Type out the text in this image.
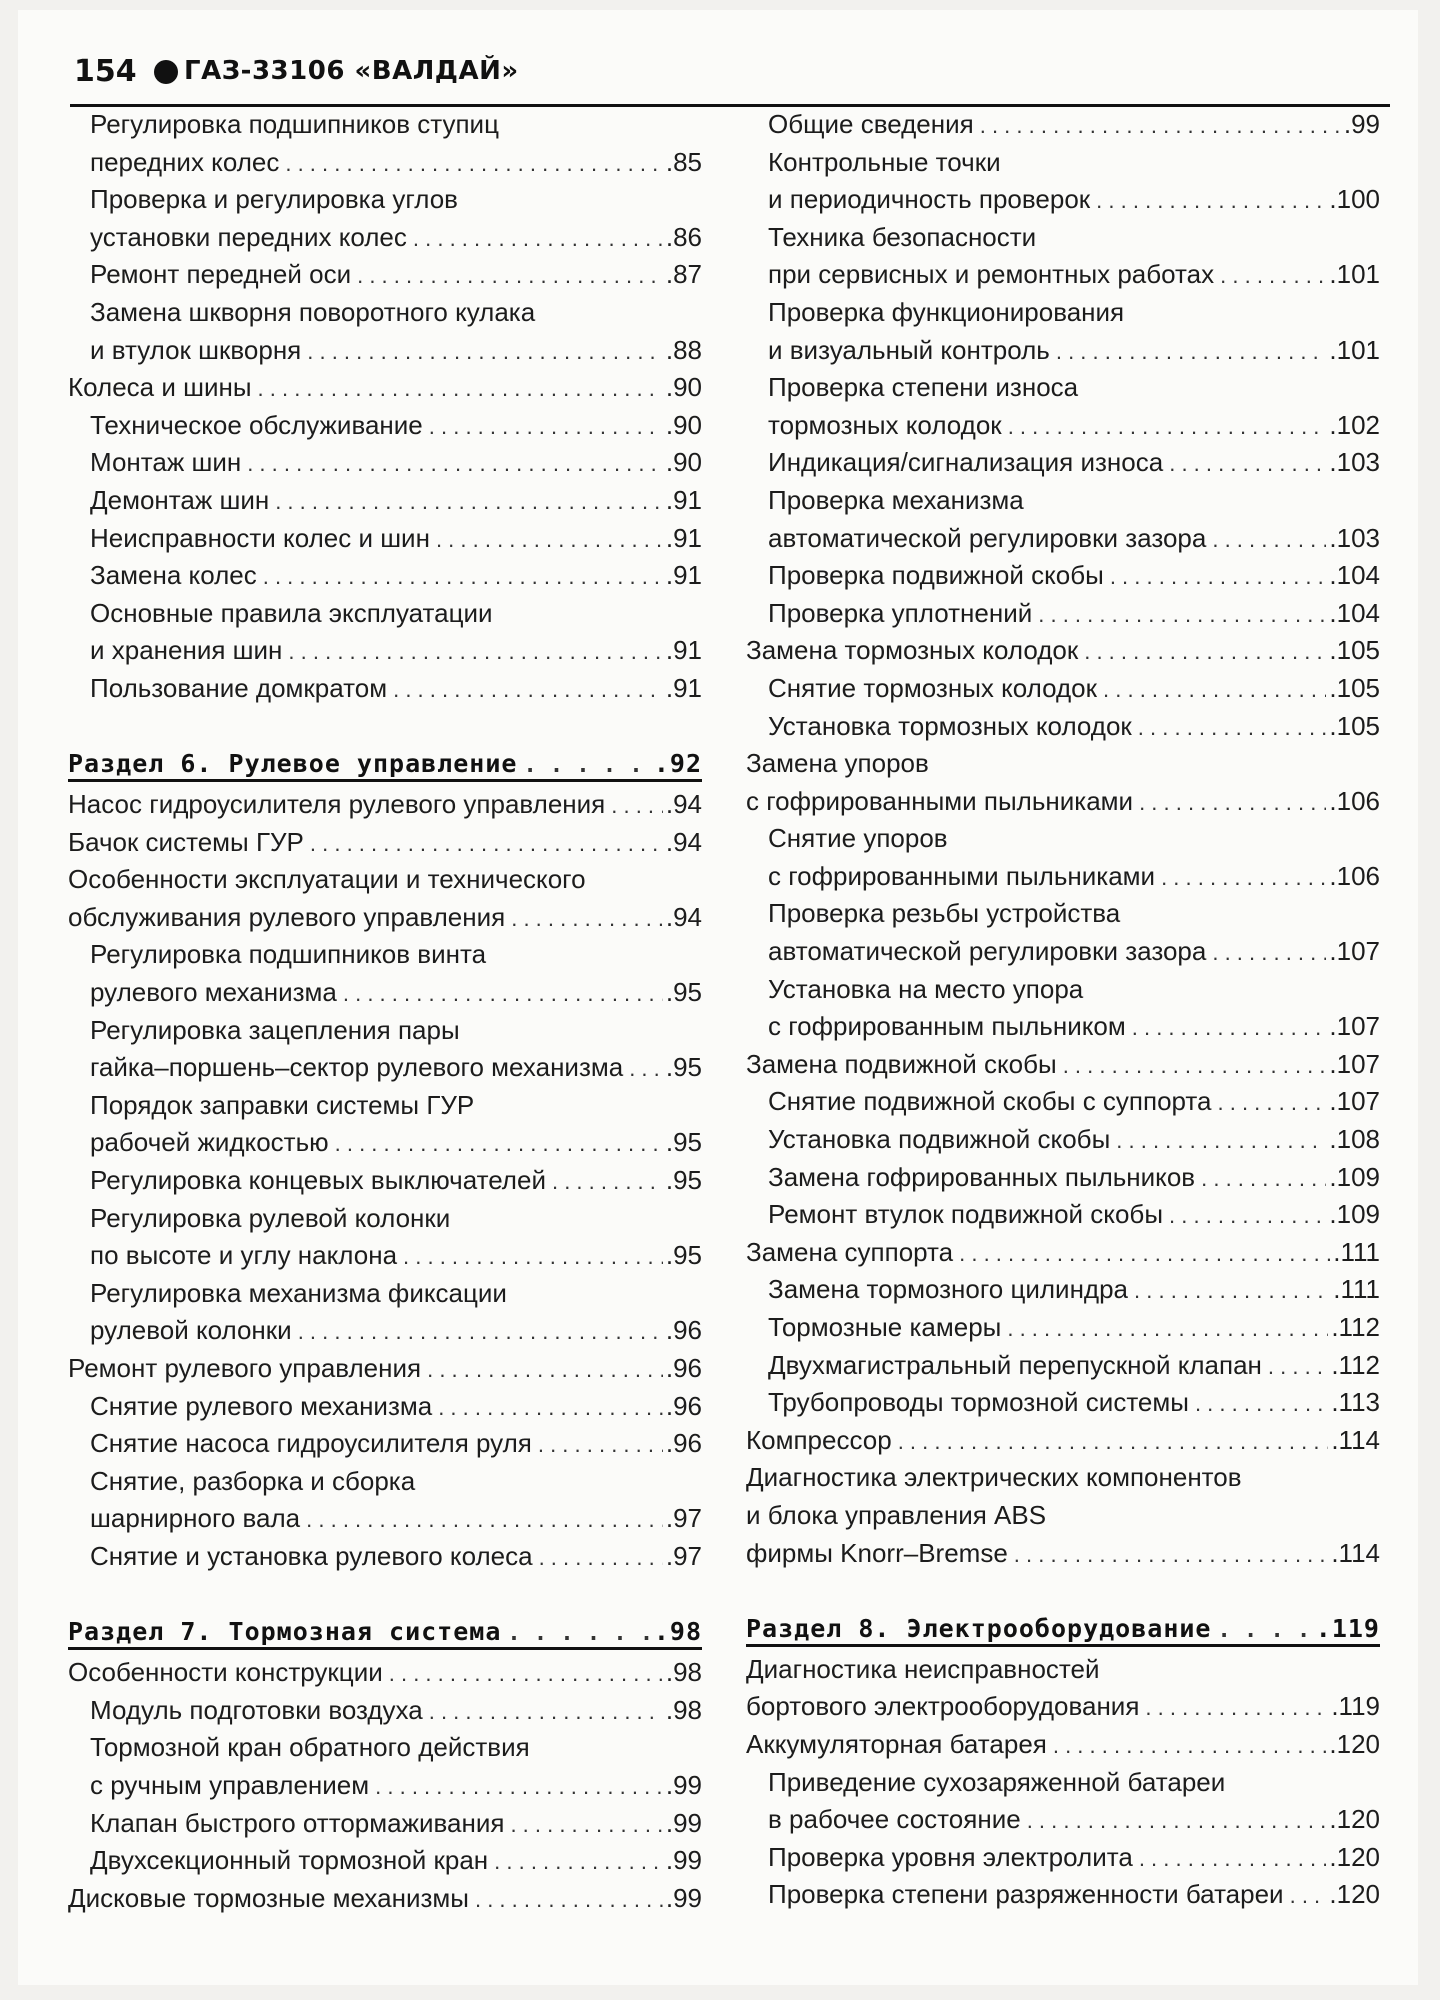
154 ГАЗ-33106 «ВАЛДАЙ»
Регулировка подшипников ступиц
передних колес . . .	.85
Проверка и регулировка углов
установки передних колес . . .	.86
Ремонт передней оси . . .	.87
Замена шкворня поворотного кулака
и втулок шкворня . . .	.88
Колеса и шины . . .	.90
Техническое обслуживание . . .	.90
Монтаж шин . . .	.90
Демонтаж шин . . .	.91
Неисправности колес и шин . . .	.91
Замена колес . . .	.91
Основные правила эксплуатации
и хранения шин . . .	.91
Пользование домкратом . . .	.91
Раздел 6. Рулевое управление . . .	.92
Насос гидроусилителя рулевого управления . . . .94
Бачок системы ГУР . . .	.94
Особенности эксплуатации и технического
обслуживания рулевого управления . . .	.94
Регулировка подшипников винта
рулевого механизма . . .	.95
Регулировка зацепления пары
гайка–поршень–сектор рулевого механизма . . . .95
Порядок заправки системы ГУР
рабочей жидкостью . . .	.95
Регулировка концевых выключателей . . .	.95
Регулировка рулевой колонки
по высоте и углу наклона . . .	.95
Регулировка механизма фиксации
рулевой колонки . . .	.96
Ремонт рулевого управления . . .	.96
Снятие рулевого механизма . . .	.96
Снятие насоса гидроусилителя руля . . .	.96
Снятие, разборка и сборка
шарнирного вала . . .	.97
Снятие и установка рулевого колеса . . .	.97
Раздел 7. Тормозная система . . .	.98
Особенности конструкции . . .	.98
Модуль подготовки воздуха . . .	.98
Тормозной кран обратного действия
с ручным управлением . . .	.99
Клапан быстрого оттормаживания . . .	.99
Двухсекционный тормозной кран . . .	.99
Дисковые тормозные механизмы . . .	.99
Общие сведения . . .	.99
Контрольные точки
и периодичность проверок . . .	.100
Техника безопасности
при сервисных и ремонтных работах . . .	.101
Проверка функционирования
и визуальный контроль . . .	.101
Проверка степени износа
тормозных колодок . . .	.102
Индикация/сигнализация износа . . .	.103
Проверка механизма
автоматической регулировки зазора . . .	.103
Проверка подвижной скобы . . .	.104
Проверка уплотнений . . .	.104
Замена тормозных колодок . . .	.105
Снятие тормозных колодок . . .	.105
Установка тормозных колодок . . .	.105
Замена упоров
с гофрированными пыльниками . . .	.106
Снятие упоров
с гофрированными пыльниками . . .	.106
Проверка резьбы устройства
автоматической регулировки зазора . . .	.107
Установка на место упора
с гофрированным пыльником . . .	.107
Замена подвижной скобы . . .	.107
Снятие подвижной скобы с суппорта . . .	.107
Установка подвижной скобы . . .	.108
Замена гофрированных пыльников . . .	.109
Ремонт втулок подвижной скобы . . .	.109
Замена суппорта . . .	.111
Замена тормозного цилиндра . . .	.111
Тормозные камеры . . .	.112
Двухмагистральный перепускной клапан . . .	.112
Трубопроводы тормозной системы . . .	.113
Компрессор . . .	.114
Диагностика электрических компонентов
и блока управления ABS
фирмы Knorr–Bremse . . .	.114
Раздел 8. Электрооборудование . . .	.119
Диагностика неисправностей
бортового электрооборудования . . .	.119
Аккумуляторная батарея . . .	.120
Приведение сухозаряженной батареи
в рабочее состояние . . .	.120
Проверка уровня электролита . . .	.120
Проверка степени разряженности батареи . . . .120
